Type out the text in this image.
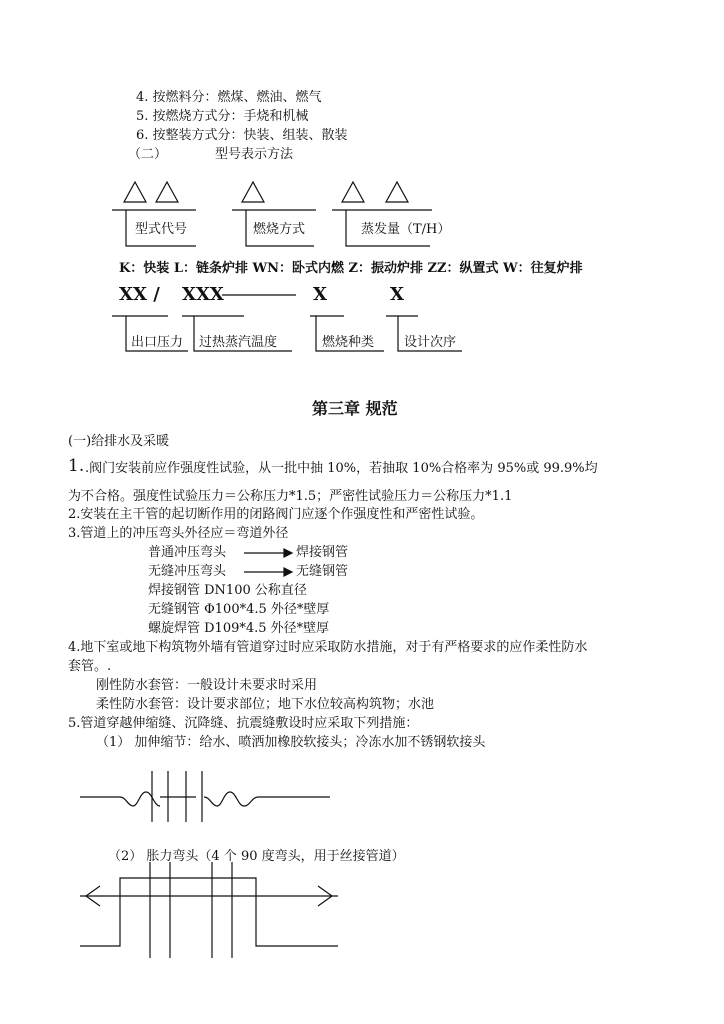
4. 按燃料分：燃煤、燃油、燃气
5. 按燃烧方式分：手烧和机械
6. 按整装方式分：快装、组装、散装
（二）	型号表示方法
型式代号	燃烧方式	蒸发量（T/H）
K：快装 L：链条炉排 WN：卧式内燃 Z：振动炉排 ZZ：纵置式 W：往复炉排
XX / XXX	X	X
出口压力 过热蒸汽温度	燃烧种类 设计次序
第三章 规范
(一)给排水及采暖
1. .阀门安装前应作强度性试验，从一批中抽 10%，若抽取 10%合格率为 95%或 99.9%均
为不合格。强度性试验压力＝公称压力*1.5；严密性试验压力＝公称压力*1.1
2.安装在主干管的起切断作用的闭路阀门应逐个作强度性和严密性试验。
3.管道上的冲压弯头外径应＝弯道外径
普通冲压弯头	焊接钢管
无缝冲压弯头	无缝钢管
焊接钢管 DN100 公称直径
无缝钢管 Φ100*4.5 外径*壁厚
螺旋焊管 D109*4.5 外径*壁厚
4.地下室或地下构筑物外墙有管道穿过时应采取防水措施，对于有严格要求的应作柔性防水
套管。.
刚性防水套管：一般设计未要求时采用
柔性防水套管：设计要求部位；地下水位较高构筑物；水池
5.管道穿越伸缩缝、沉降缝、抗震缝敷设时应采取下列措施：
（1） 加伸缩节：给水、喷洒加橡胶软接头；冷冻水加不锈钢软接头
（2） 胀力弯头（4 个 90 度弯头，用于丝接管道）
